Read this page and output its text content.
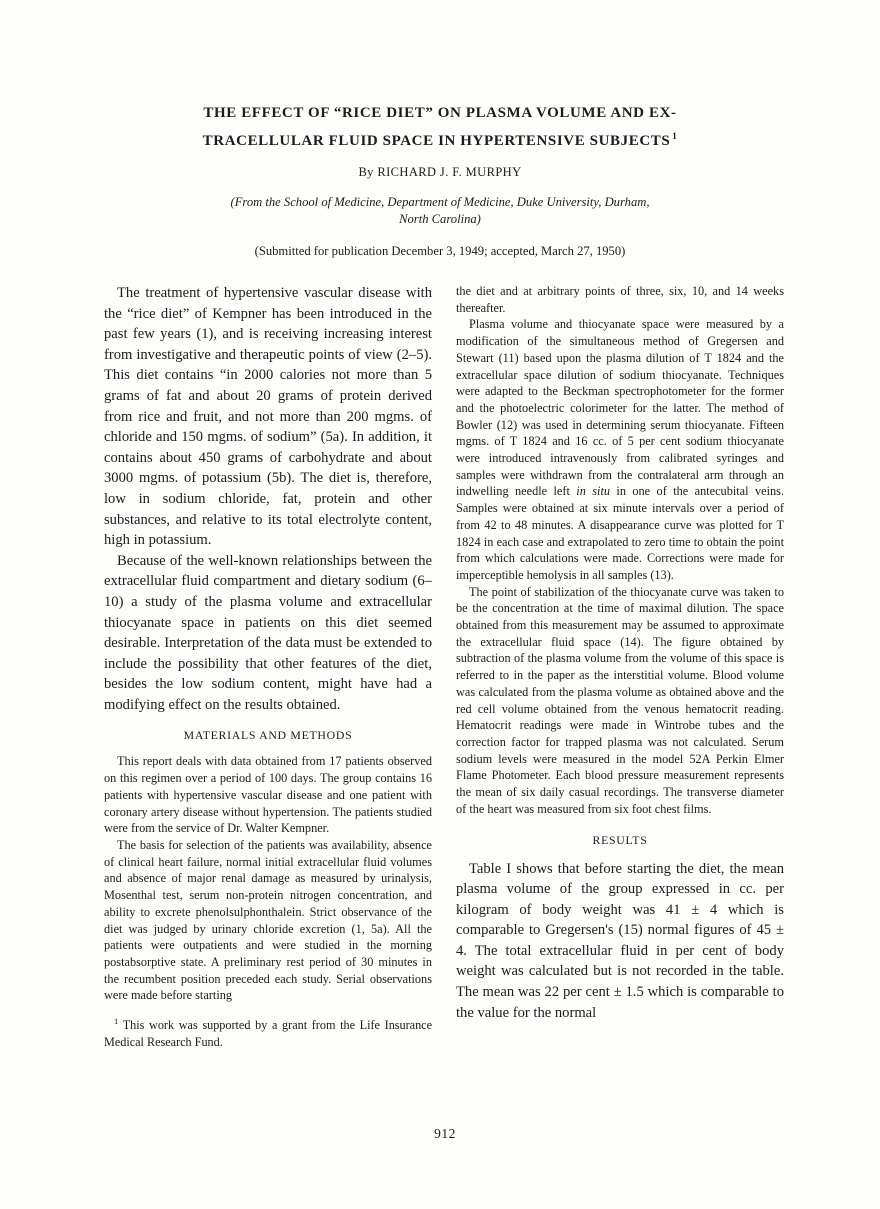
THE EFFECT OF “RICE DIET” ON PLASMA VOLUME AND EX-
TRACELLULAR FLUID SPACE IN HYPERTENSIVE SUBJECTS  $^1$
By RICHARD J. F. MURPHY
(From the School of Medicine, Department of Medicine, Duke University, Durham,
North Carolina)
(Submitted for publication December 3, 1949; accepted, March 27, 1950)

The treatment of hypertensive vascular disease with the “rice diet” of Kempner has been introduced in the past few years (1), and is receiving increasing interest from investigative and therapeutic points of view (2–5). This diet contains “in 2000 calories not more than 5 grams of fat and about 20 grams of protein derived from rice and fruit, and not more than 200 mgms. of chloride and 150 mgms. of sodium” (5a). In addition, it contains about 450 grams of carbohydrate and about 3000 mgms. of potassium (5b). The diet is, therefore, low in sodium chloride, fat, protein and other substances, and relative to its total electrolyte content, high in potassium.

Because of the well-known relationships between the extracellular fluid compartment and dietary sodium (6–10) a study of the plasma volume and extracellular thiocyanate space in patients on this diet seemed desirable. Interpretation of the data must be extended to include the possibility that other features of the diet, besides the low sodium content, might have had a modifying effect on the results obtained.

MATERIALS AND METHODS

This report deals with data obtained from 17 patients observed on this regimen over a period of 100 days. The group contains 16 patients with hypertensive vascular disease and one patient with coronary artery disease without hypertension. The patients studied were from the service of Dr. Walter Kempner.

The basis for selection of the patients was availability, absence of clinical heart failure, normal initial extracellular fluid volumes and absence of major renal damage as measured by urinalysis, Mosenthal test, serum non-protein nitrogen concentration, and ability to excrete phenolsulphonthalein. Strict observance of the diet was judged by urinary chloride excretion (1, 5a). All the patients were outpatients and were studied in the morning postabsorptive state. A preliminary rest period of 30 minutes in the recumbent position preceded each study. Serial observations were made before starting

$^1$ This work was supported by a grant from the Life Insurance Medical Research Fund.

the diet and at arbitrary points of three, six, 10, and 14 weeks thereafter.

Plasma volume and thiocyanate space were measured by a modification of the simultaneous method of Gregersen and Stewart (11) based upon the plasma dilution of T 1824 and the extracellular space dilution of sodium thiocyanate. Techniques were adapted to the Beckman spectrophotometer for the former and the photoelectric colorimeter for the latter. The method of Bowler (12) was used in determining serum thiocyanate. Fifteen mgms. of T 1824 and 16 cc. of 5 per cent sodium thiocyanate were introduced intravenously from calibrated syringes and samples were withdrawn from the contralateral arm through an indwelling needle left in situ in one of the antecubital veins. Samples were obtained at six minute intervals over a period of from 42 to 48 minutes. A disappearance curve was plotted for T 1824 in each case and extrapolated to zero time to obtain the point from which calculations were made. Corrections were made for imperceptible hemolysis in all samples (13).

The point of stabilization of the thiocyanate curve was taken to be the concentration at the time of maximal dilution. The space obtained from this measurement may be assumed to approximate the extracellular fluid space (14). The figure obtained by subtraction of the plasma volume from the volume of this space is referred to in the paper as the interstitial volume. Blood volume was calculated from the plasma volume as obtained above and the red cell volume obtained from the venous hematocrit reading. Hematocrit readings were made in Wintrobe tubes and the correction factor for trapped plasma was not calculated. Serum sodium levels were measured in the model 52A Perkin Elmer Flame Photometer. Each blood pressure measurement represents the mean of six daily casual recordings. The transverse diameter of the heart was measured from six foot chest films.

RESULTS

Table I shows that before starting the diet, the mean plasma volume of the group expressed in cc. per kilogram of body weight was 41 ± 4 which is comparable to Gregersen's (15) normal figures of 45 ± 4. The total extracellular fluid in per cent of body weight was calculated but is not recorded in the table. The mean was 22 per cent ± 1.5 which is comparable to the value for the normal

912
